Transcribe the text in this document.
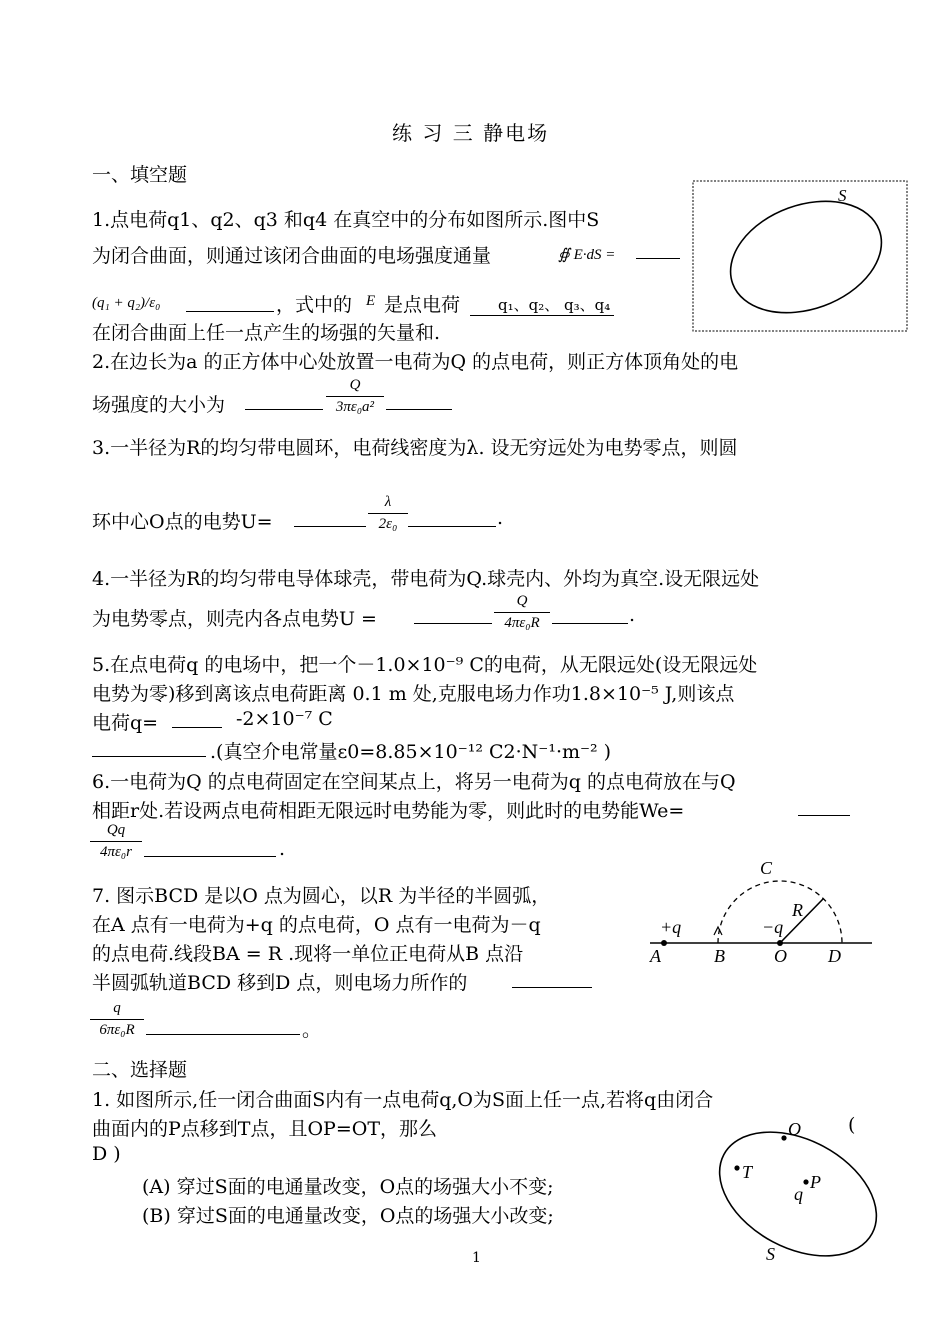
练 习 三 静电场
一、填空题
1.点电荷q1、q2、q3 和q4 在真空中的分布如图所示.图中S
为闭合曲面，则通过该闭合曲面的电场强度通量	∯ E·dS =
(q₁ + q₂)/ε₀	，式中的 E 是点电荷	q₁、q₂、 q₃、q₄
在闭合曲面上任一点产生的场强的矢量和.
S
2.在边长为a 的正方体中心处放置一电荷为Q 的点电荷，则正方体顶角处的电
场强度的大小为
Q
3πε₀a²
3.一半径为R的均匀带电圆环，电荷线密度为λ. 设无穷远处为电势零点，则圆
环中心O点的电势U=
λ
2ε₀	.
4.一半径为R的均匀带电导体球壳，带电荷为Q.球壳内、外均为真空.设无限远处
为电势零点，则壳内各点电势U =
Q
4πε₀R	.
5.在点电荷q 的电场中，把一个－1.0×10⁻⁹ C的电荷，从无限远处(设无限远处
电势为零)移到离该点电荷距离 0.1 m 处,克服电场力作功1.8×10⁻⁵ J,则该点
电荷q=	-2×10⁻⁷ C
.(真空介电常量ε0=8.85×10⁻¹² C2·N⁻¹·m⁻² )
6.一电荷为Q 的点电荷固定在空间某点上，将另一电荷为q 的点电荷放在与Q
相距r处.若设两点电荷相距无限远时电势能为零，则此时的电势能We=
Qq
4πε₀r	.
7. 图示BCD 是以O 点为圆心，以R 为半径的半圆弧，
在A 点有一电荷为+q 的点电荷，O 点有一电荷为－q
的点电荷.线段BA = R .现将一单位正电荷从B 点沿
半圆弧轨道BCD 移到D 点，则电场力所作的
q
6πε₀R	。
C
R
+q	−q
A	B	O D
二、选择题
1. 如图所示,任一闭合曲面S内有一点电荷q,O为S面上任一点,若将q由闭合
曲面内的P点移到T点，且OP=OT，那么	(
D )
(A) 穿过S面的电通量改变，O点的场强大小不变;
(B) 穿过S面的电通量改变，O点的场强大小改变;
O
T
q
P
S
1
